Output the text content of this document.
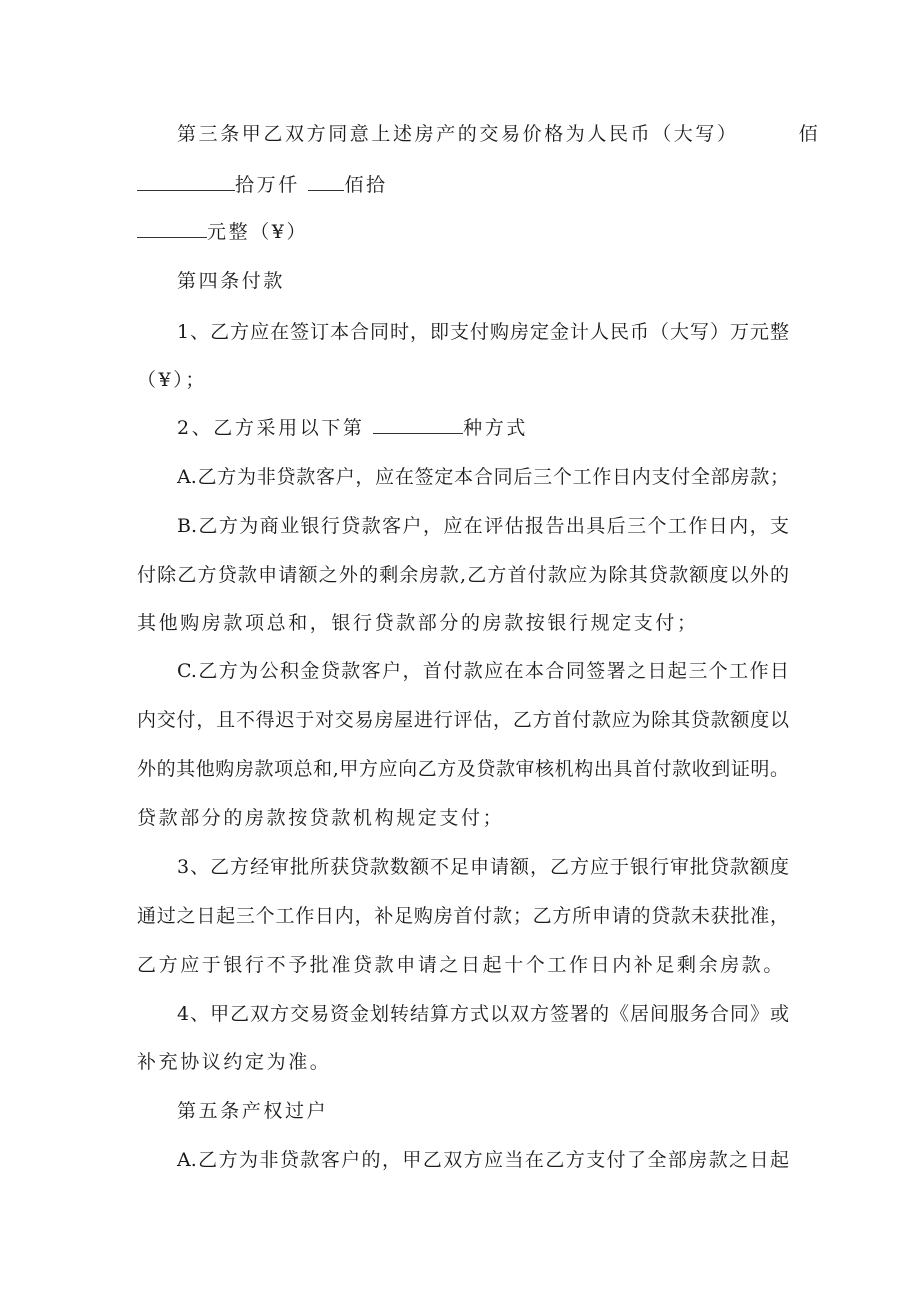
第三条甲乙双方同意上述房产的交易价格为人民币（大写）	佰
拾万仟 佰拾
元整（¥）
第四条付款
1、乙方应在签订本合同时，即支付购房定金计人民币（大写）万元整
（¥）；
2、乙方采用以下第	种方式
A.乙方为非贷款客户，应在签定本合同后三个工作日内支付全部房款；
B.乙方为商业银行贷款客户，应在评估报告出具后三个工作日内，支
付除乙方贷款申请额之外的剩余房款,乙方首付款应为除其贷款额度以外的
其他购房款项总和，银行贷款部分的房款按银行规定支付；
C.乙方为公积金贷款客户，首付款应在本合同签署之日起三个工作日
内交付，且不得迟于对交易房屋进行评估，乙方首付款应为除其贷款额度以
外的其他购房款项总和,甲方应向乙方及贷款审核机构出具首付款收到证明。
贷款部分的房款按贷款机构规定支付；
3、乙方经审批所获贷款数额不足申请额，乙方应于银行审批贷款额度
通过之日起三个工作日内，补足购房首付款；乙方所申请的贷款未获批准，
乙方应于银行不予批准贷款申请之日起十个工作日内补足剩余房款。
4、甲乙双方交易资金划转结算方式以双方签署的《居间服务合同》或
补充协议约定为准。
第五条产权过户
A.乙方为非贷款客户的，甲乙双方应当在乙方支付了全部房款之日起
